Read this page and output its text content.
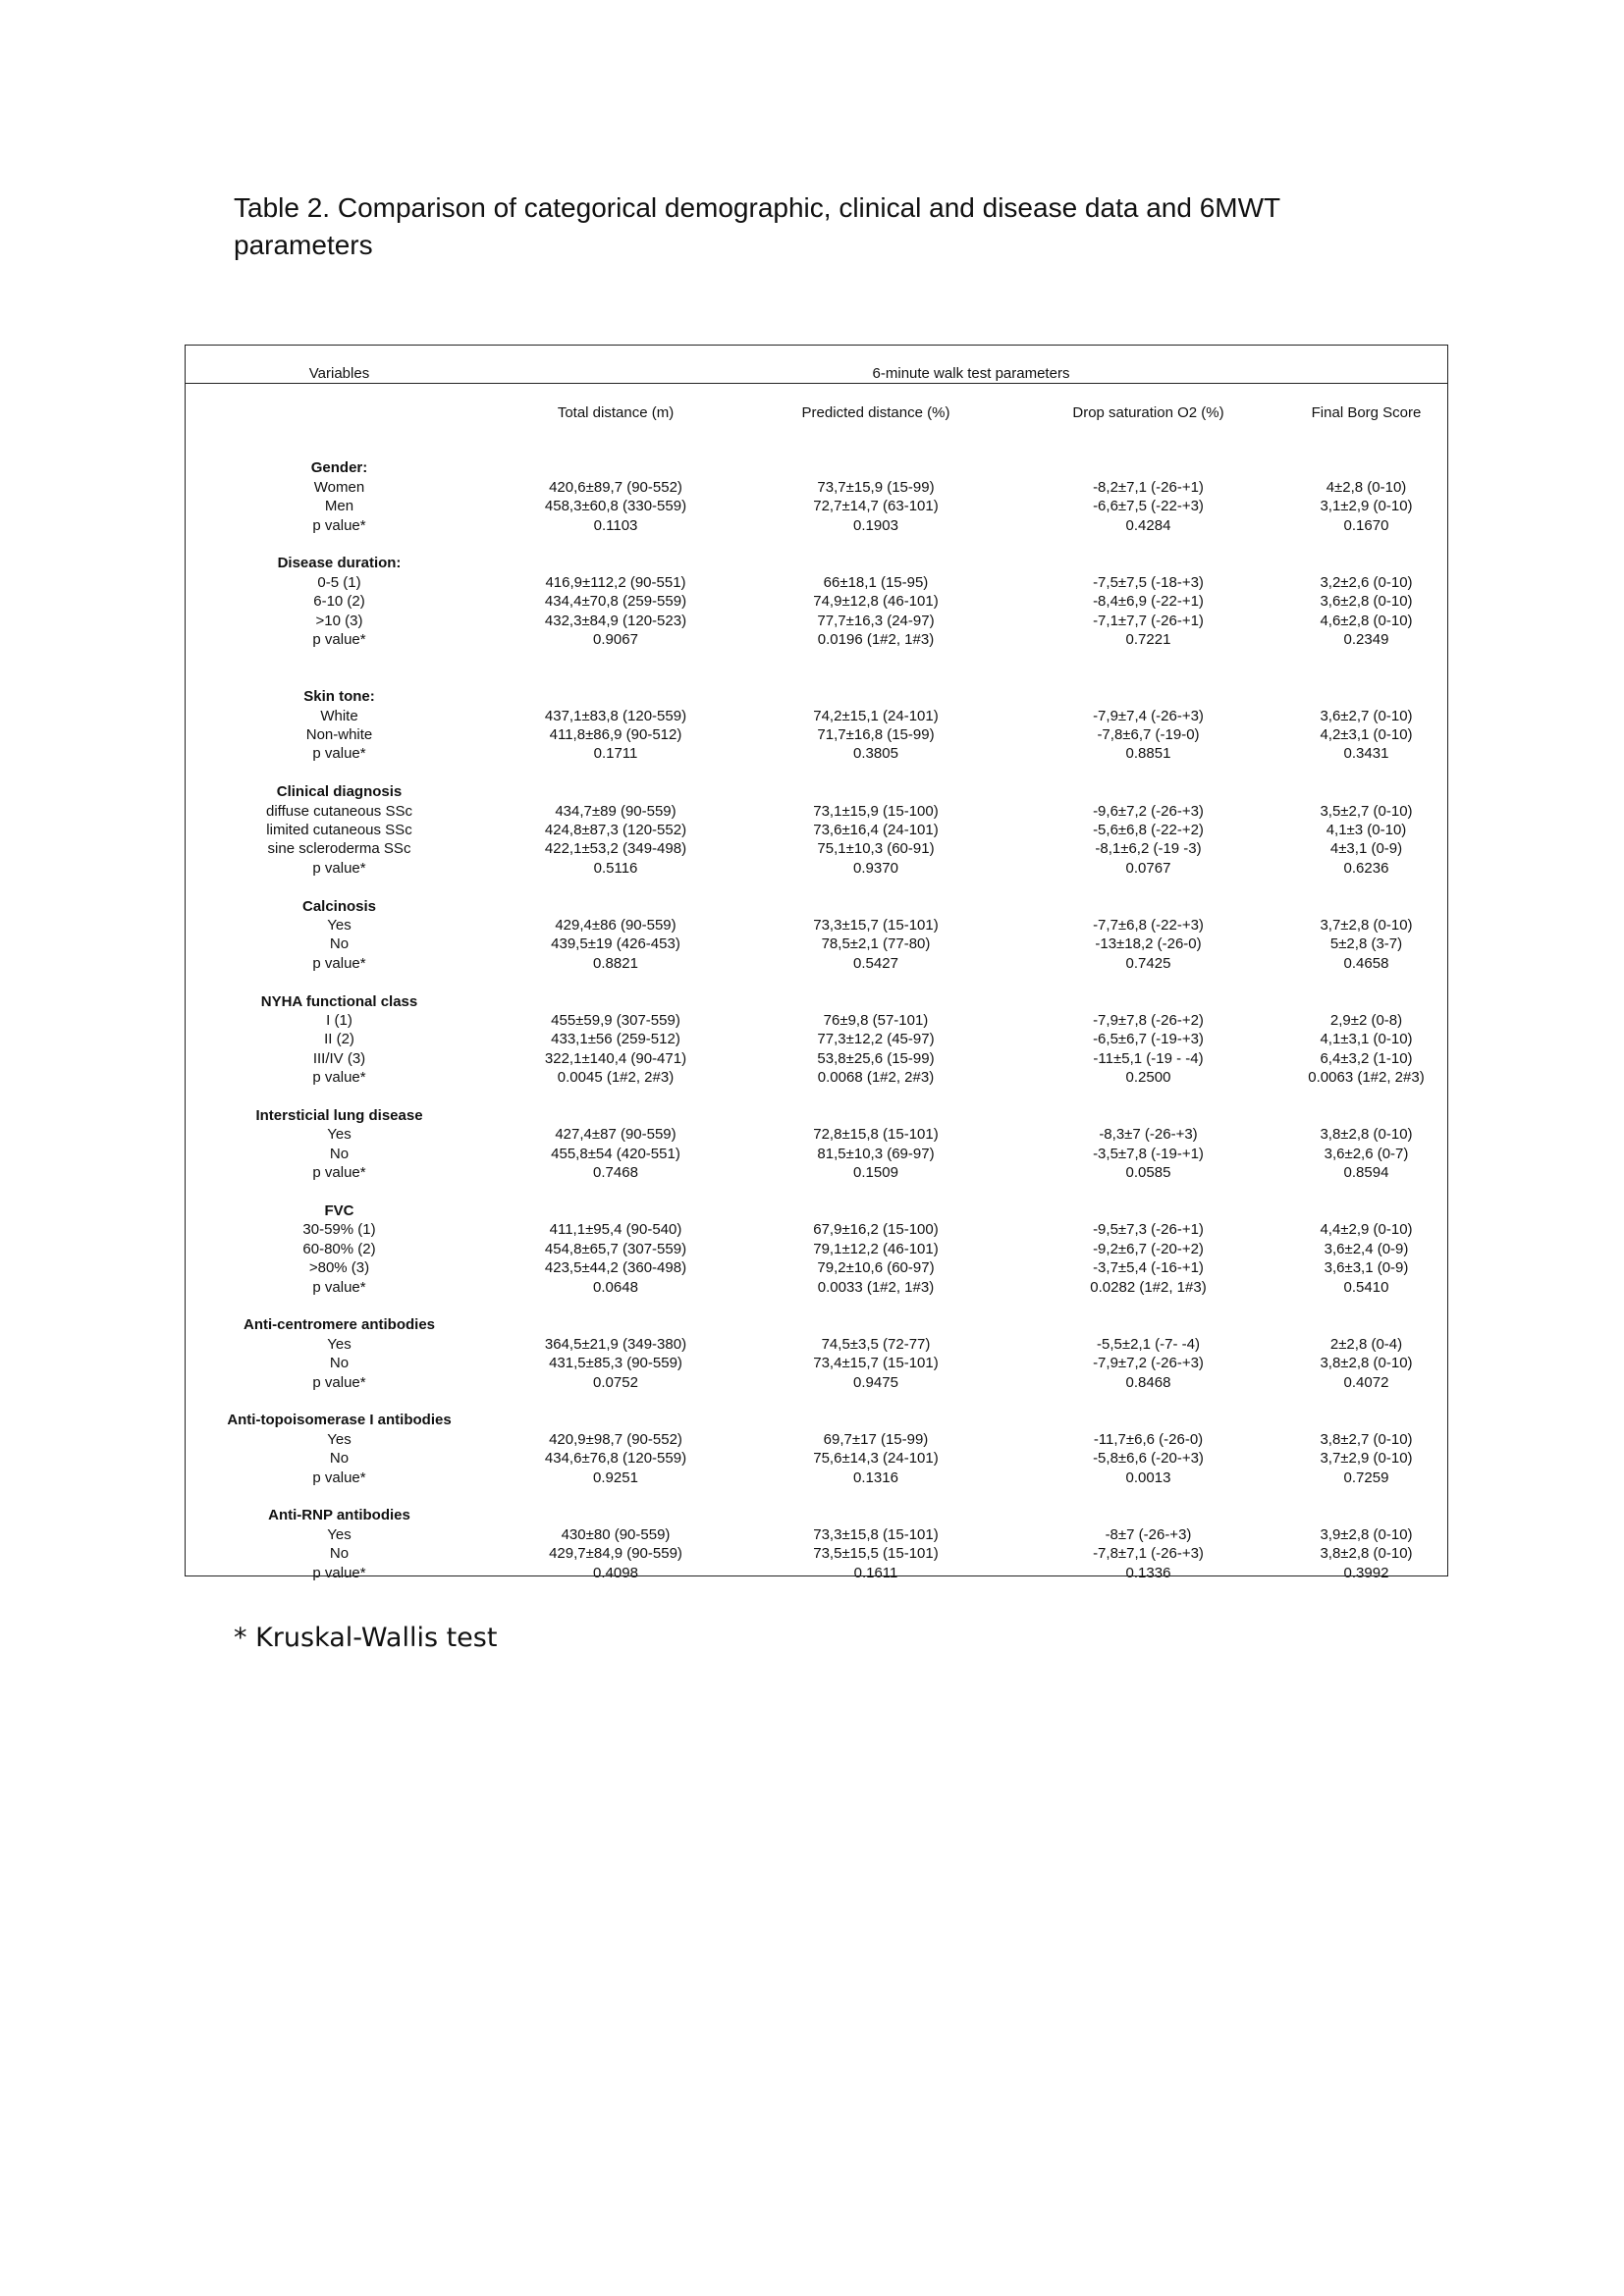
Table 2. Comparison of categorical demographic, clinical and disease data and 6MWT parameters
Variables	6-minute walk test parameters
Total distance (m)	Predicted distance (%)	Drop saturation O2 (%)	Final Borg Score
Gender:
Women	420,6±89,7 (90-552)	73,7±15,9 (15-99)	-8,2±7,1 (-26-+1)	4±2,8 (0-10)
Men	458,3±60,8 (330-559)	72,7±14,7 (63-101)	-6,6±7,5 (-22-+3)	3,1±2,9 (0-10)
p value*	0.1103	0.1903	0.4284	0.1670
Disease duration:
0-5 (1)	416,9±112,2 (90-551)	66±18,1 (15-95)	-7,5±7,5 (-18-+3)	3,2±2,6 (0-10)
6-10 (2)	434,4±70,8 (259-559)	74,9±12,8 (46-101)	-8,4±6,9 (-22-+1)	3,6±2,8 (0-10)
>10 (3)	432,3±84,9 (120-523)	77,7±16,3 (24-97)	-7,1±7,7 (-26-+1)	4,6±2,8 (0-10)
p value*	0.9067	0.0196 (1#2, 1#3)	0.7221	0.2349
Skin tone:
White	437,1±83,8 (120-559)	74,2±15,1 (24-101)	-7,9±7,4 (-26-+3)	3,6±2,7 (0-10)
Non-white	411,8±86,9 (90-512)	71,7±16,8 (15-99)	-7,8±6,7 (-19-0)	4,2±3,1 (0-10)
p value*	0.1711	0.3805	0.8851	0.3431
Clinical diagnosis
diffuse cutaneous SSc	434,7±89 (90-559)	73,1±15,9 (15-100)	-9,6±7,2 (-26-+3)	3,5±2,7 (0-10)
limited cutaneous SSc	424,8±87,3 (120-552)	73,6±16,4 (24-101)	-5,6±6,8 (-22-+2)	4,1±3 (0-10)
sine scleroderma SSc	422,1±53,2 (349-498)	75,1±10,3 (60-91)	-8,1±6,2 (-19 -3)	4±3,1 (0-9)
p value*	0.5116	0.9370	0.0767	0.6236
Calcinosis
Yes	429,4±86 (90-559)	73,3±15,7 (15-101)	-7,7±6,8 (-22-+3)	3,7±2,8 (0-10)
No	439,5±19 (426-453)	78,5±2,1 (77-80)	-13±18,2 (-26-0)	5±2,8 (3-7)
p value*	0.8821	0.5427	0.7425	0.4658
NYHA functional class
I (1)	455±59,9 (307-559)	76±9,8 (57-101)	-7,9±7,8 (-26-+2)	2,9±2 (0-8)
II (2)	433,1±56 (259-512)	77,3±12,2 (45-97)	-6,5±6,7 (-19-+3)	4,1±3,1 (0-10)
III/IV (3)	322,1±140,4 (90-471)	53,8±25,6 (15-99)	-11±5,1 (-19 - -4)	6,4±3,2 (1-10)
p value*	0.0045 (1#2, 2#3)	0.0068 (1#2, 2#3)	0.2500	0.0063 (1#2, 2#3)
Intersticial lung disease
Yes	427,4±87 (90-559)	72,8±15,8 (15-101)	-8,3±7 (-26-+3)	3,8±2,8 (0-10)
No	455,8±54 (420-551)	81,5±10,3 (69-97)	-3,5±7,8 (-19-+1)	3,6±2,6 (0-7)
p value*	0.7468	0.1509	0.0585	0.8594
FVC
30-59% (1)	411,1±95,4 (90-540)	67,9±16,2 (15-100)	-9,5±7,3 (-26-+1)	4,4±2,9 (0-10)
60-80% (2)	454,8±65,7 (307-559)	79,1±12,2 (46-101)	-9,2±6,7 (-20-+2)	3,6±2,4 (0-9)
>80% (3)	423,5±44,2 (360-498)	79,2±10,6 (60-97)	-3,7±5,4 (-16-+1)	3,6±3,1 (0-9)
p value*	0.0648	0.0033 (1#2, 1#3)	0.0282 (1#2, 1#3)	0.5410
Anti-centromere antibodies
Yes	364,5±21,9 (349-380)	74,5±3,5 (72-77)	-5,5±2,1 (-7- -4)	2±2,8 (0-4)
No	431,5±85,3 (90-559)	73,4±15,7 (15-101)	-7,9±7,2 (-26-+3)	3,8±2,8 (0-10)
p value*	0.0752	0.9475	0.8468	0.4072
Anti-topoisomerase I antibodies
Yes	420,9±98,7 (90-552)	69,7±17 (15-99)	-11,7±6,6 (-26-0)	3,8±2,7 (0-10)
No	434,6±76,8 (120-559)	75,6±14,3 (24-101)	-5,8±6,6 (-20-+3)	3,7±2,9 (0-10)
p value*	0.9251	0.1316	0.0013	0.7259
Anti-RNP antibodies
Yes	430±80 (90-559)	73,3±15,8 (15-101)	-8±7 (-26-+3)	3,9±2,8 (0-10)
No	429,7±84,9 (90-559)	73,5±15,5 (15-101)	-7,8±7,1 (-26-+3)	3,8±2,8 (0-10)
p value*	0.4098	0.1611	0.1336	0.3992
* Kruskal-Wallis test
